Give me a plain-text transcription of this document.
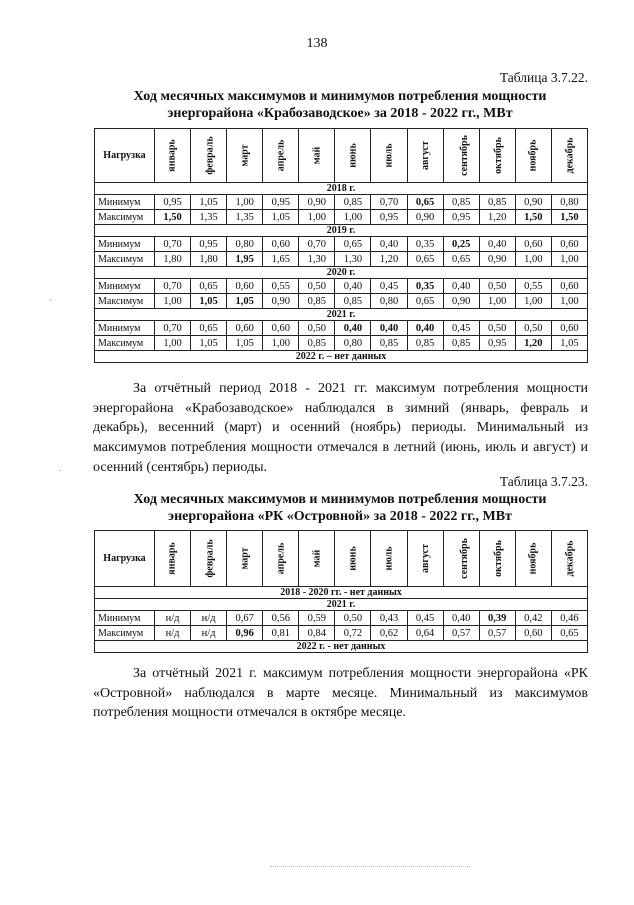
138
Таблица 3.7.22.
Ход месячных максимумов и минимумов потребления мощности
энергорайона «Крабозаводское» за 2018 - 2022 гг., МВт
Нагрузка	январь	февраль	март	апрель	май	июнь	июль	август	сентябрь	октябрь	ноябрь	декабрь
2018 г.												
Минимум	0,95	1,05	1,00	0,95	0,90	0,85	0,70	0,65	0,85	0,85	0,90	0,80
Максимум	1,50	1,35	1,35	1,05	1,00	1,00	0,95	0,90	0,95	1,20	1,50	1,50
2019 г.												
Минимум	0,70	0,95	0,80	0,60	0,70	0,65	0,40	0,35	0,25	0,40	0,60	0,60
Максимум	1,80	1,80	1,95	1,65	1,30	1,30	1,20	0,65	0,65	0,90	1,00	1,00
2020 г.												
Минимум	0,70	0,65	0,60	0,55	0,50	0,40	0,45	0,35	0,40	0,50	0,55	0,60
Максимум	1,00	1,05	1,05	0,90	0,85	0,85	0,80	0,65	0,90	1,00	1,00	1,00
2021 г.												
Минимум	0,70	0,65	0,60	0,60	0,50	0,40	0,40	0,40	0,45	0,50	0,50	0,60
Максимум	1,00	1,05	1,05	1,00	0,85	0,80	0,85	0,85	0,85	0,95	1,20	1,05
2022 г. – нет данных												

За отчётный период 2018 - 2021 гг. максимум потребления мощности энергорайона «Крабозаводское» наблюдался в зимний (январь, февраль и декабрь), весенний (март) и осенний (ноябрь) периоды. Минимальный из максимумов потребления мощности отмечался в летний (июнь, июль и август) и осенний (сентябрь) периоды.

Таблица 3.7.23.
Ход месячных максимумов и минимумов потребления мощности
энергорайона «РК «Островной» за 2018 - 2022 гг., МВт
Нагрузка	январь	февраль	март	апрель	май	июнь	июль	август	сентябрь	октябрь	ноябрь	декабрь
2018 - 2020 гг. - нет данных												
2021 г.												
Минимум	н/д	н/д	0,67	0,56	0,59	0,50	0,43	0,45	0,40	0,39	0,42	0,46
Максимум	н/д	н/д	0,96	0,81	0,84	0,72	0,62	0,64	0,57	0,57	0,60	0,65
2022 г. - нет данных												

За отчётный 2021 г. максимум потребления мощности энергорайона «РК «Островной» наблюдался в марте месяце. Минимальный из максимумов потребления мощности отмечался в октябре месяце.
